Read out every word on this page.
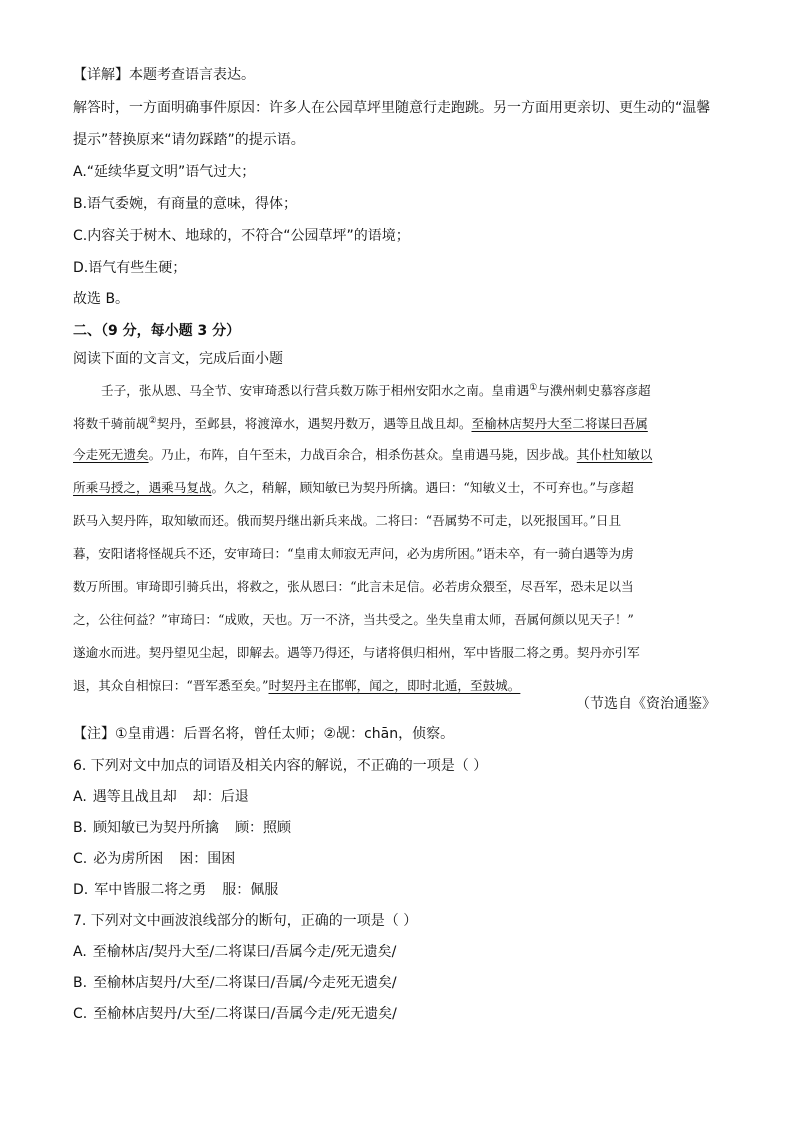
【详解】本题考查语言表达。
解答时，一方面明确事件原因：许多人在公园草坪里随意行走跑跳。另一方面用更亲切、更生动的“温馨
提示”替换原来“请勿踩踏”的提示语。
A.“延续华夏文明”语气过大；
B.语气委婉，有商量的意味，得体；
C.内容关于树木、地球的，不符合“公园草坪”的语境；
D.语气有些生硬；
故选 B。
二、（9 分，每小题 3 分）
阅读下面的文言文，完成后面小题
壬子，张从恩、马全节、安审琦悉以行营兵数万陈于相州安阳水之南。皇甫遇①与濮州刺史慕容彦超
将数千骑前觇②契丹，至邺县，将渡漳水，遇契丹数万，遇等且战且却。至榆林店契丹大至二将谋曰吾属
今走死无遗矣。乃止，布阵，自午至未，力战百余合，相杀伤甚众。皇甫遇马毙，因步战。其仆杜知敏以
所乘马授之，遇乘马复战。久之，稍解，顾知敏已为契丹所擒。遇曰：“知敏义士，不可弃也。”与彦超
跃马入契丹阵，取知敏而还。俄而契丹继出新兵来战。二将曰：“吾属势不可走，以死报国耳。”日且
暮，安阳诸将怪觇兵不还，安审琦曰：“皇甫太师寂无声问，必为虏所困。”语未卒，有一骑白遇等为虏
数万所围。审琦即引骑兵出，将救之，张从恩曰：“此言未足信。必若虏众猥至，尽吾军，恐未足以当
之，公往何益？”审琦曰：“成败，天也。万一不济，当共受之。坐失皇甫太师，吾属何颜以见天子！”
遂逾水而进。契丹望见尘起，即解去。遇等乃得还，与诸将俱归相州，军中皆服二将之勇。契丹亦引军
退，其众自相惊曰：“晋军悉至矣。”时契丹主在邯郸，闻之，即时北遁，至鼓城。
（节选自《资治通鉴》
【注】①皇甫遇：后晋名将，曾任太师；②觇：chān，侦察。
6. 下列对文中加点的词语及相关内容的解说，不正确的一项是（ ）
A. 遇等且战且却 却：后退
B. 顾知敏已为契丹所擒 顾：照顾
C. 必为虏所困 困：围困
D. 军中皆服二将之勇 服：佩服
7. 下列对文中画波浪线部分的断句，正确的一项是（ ）
A. 至榆林店/契丹大至/二将谋曰/吾属今走/死无遗矣/
B. 至榆林店契丹/大至/二将谋曰/吾属/今走死无遗矣/
C. 至榆林店契丹/大至/二将谋曰/吾属今走/死无遗矣/
